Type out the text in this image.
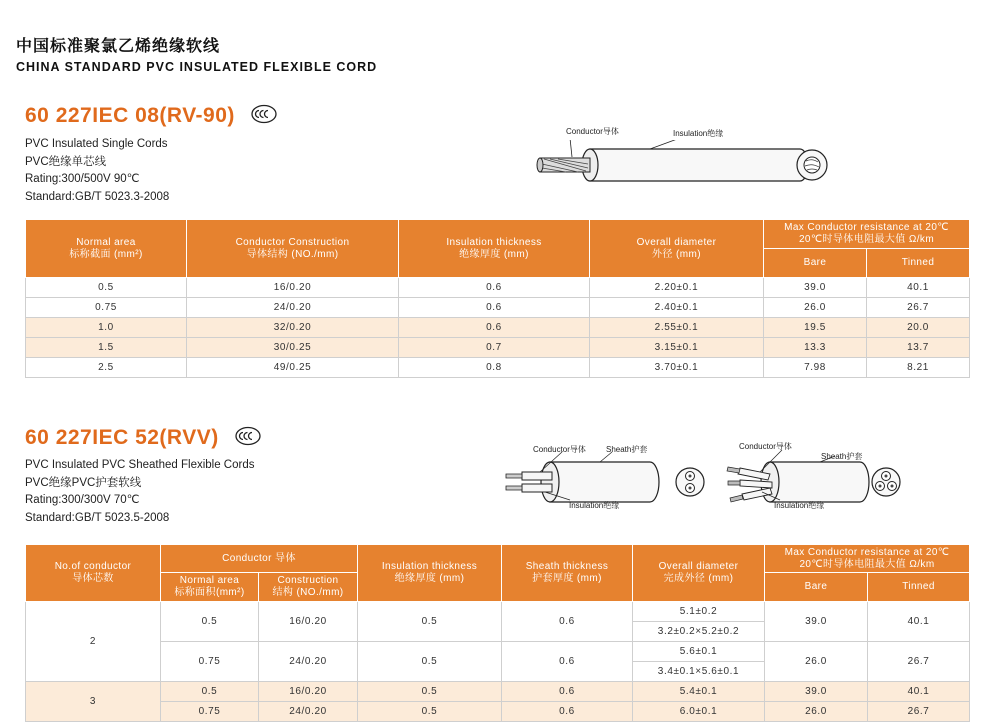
中国标准聚氯乙烯绝缘软线
CHINA STANDARD PVC INSULATED FLEXIBLE CORD
60 227IEC 08(RV-90)
PVC Insulated Single Cords
PVC绝缘单芯线
Rating:300/500V 90℃
Standard:GB/T 5023.3-2008
Conductor导体	Insulation绝缘
Normal area
标称截面 (mm²)	Conductor Construction
导体结构 (NO./mm)	Insulation thickness
绝缘厚度 (mm)	Overall diameter
外径 (mm)	Max Conductor resistance at 20℃
20℃时导体电阻最大值 Ω/km	
				Bare	Tinned
0.5	16/0.20	0.6	2.20±0.1	39.0	40.1
0.75	24/0.20	0.6	2.40±0.1	26.0	26.7
1.0	32/0.20	0.6	2.55±0.1	19.5	20.0
1.5	30/0.25	0.7	3.15±0.1	13.3	13.7
2.5	49/0.25	0.8	3.70±0.1	7.98	8.21
60 227IEC 52(RVV)
PVC Insulated PVC Sheathed Flexible Cords
PVC绝缘PVC护套软线
Rating:300/300V 70℃
Standard:GB/T 5023.5-2008
Conductor导体	Sheath护套
Insulation绝缘
Conductor导体
Sheath护套
Insulation绝缘
No.of conductor
导体芯数	Conductor 导体		Insulation thickness
绝缘厚度 (mm)	Sheath thickness
护套厚度 (mm)	Overall diameter
完成外径 (mm)	Max Conductor resistance at 20℃
20℃时导体电阻最大值 Ω/km	
	Normal area
标称面积(mm²)	Construction
结构 (NO./mm)				Bare	Tinned
2	0.5	16/0.20	0.5	0.6	5.1±0.2	39.0	40.1
					3.2±0.2×5.2±0.2		
	0.75	24/0.20	0.5	0.6	5.6±0.1	26.0	26.7
					3.4±0.1×5.6±0.1		
3	0.5	16/0.20	0.5	0.6	5.4±0.1	39.0	40.1
	0.75	24/0.20	0.5	0.6	6.0±0.1	26.0	26.7
